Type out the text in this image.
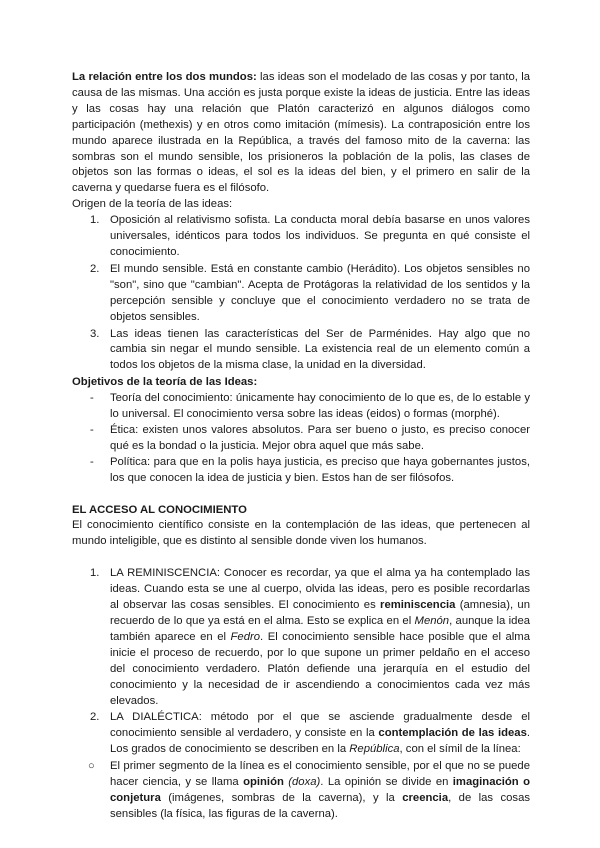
La relación entre los dos mundos: las ideas son el modelado de las cosas y por tanto, la causa de las mismas. Una acción es justa porque existe la ideas de justicia. Entre las ideas y las cosas hay una relación que Platón caracterizó en algunos diálogos como participación (methexis) y en otros como imitación (mímesis). La contraposición entre los mundo aparece ilustrada en la República, a través del famoso mito de la caverna: las sombras son el mundo sensible, los prisioneros la población de la polis, las clases de objetos son las formas o ideas, el sol es la ideas del bien, y el primero en salir de la caverna y quedarse fuera es el filósofo.

Origen de la teoría de las ideas:

1. Oposición al relativismo sofista. La conducta moral debía basarse en unos valores universales, idénticos para todos los individuos. Se pregunta en qué consiste el conocimiento.
2. El mundo sensible. Está en constante cambio (Herádito). Los objetos sensibles no "son", sino que "cambian". Acepta de Protágoras la relatividad de los sentidos y la percepción sensible y concluye que el conocimiento verdadero no se trata de objetos sensibles.
3. Las ideas tienen las características del Ser de Parménides. Hay algo que no cambia sin negar el mundo sensible. La existencia real de un elemento común a todos los objetos de la misma clase, la unidad en la diversidad.

Objetivos de la teoría de las Ideas:

- Teoría del conocimiento: únicamente hay conocimiento de lo que es, de lo estable y lo universal. El conocimiento versa sobre las ideas (eidos) o formas (morphé).
- Ética: existen unos valores absolutos. Para ser bueno o justo, es preciso conocer qué es la bondad o la justicia. Mejor obra aquel que más sabe.
- Política: para que en la polis haya justicia, es preciso que haya gobernantes justos, los que conocen la idea de justicia y bien. Estos han de ser filósofos.

EL ACCESO AL CONOCIMIENTO

El conocimiento científico consiste en la contemplación de las ideas, que pertenecen al mundo inteligible, que es distinto al sensible donde viven los humanos.

1. LA REMINISCENCIA: Conocer es recordar, ya que el alma ya ha contemplado las ideas. Cuando esta se une al cuerpo, olvida las ideas, pero es posible recordarlas al observar las cosas sensibles. El conocimiento es reminiscencia (amnesia), un recuerdo de lo que ya está en el alma. Esto se explica en el Menón, aunque la idea también aparece en el Fedro. El conocimiento sensible hace posible que el alma inicie el proceso de recuerdo, por lo que supone un primer peldaño en el acceso del conocimiento verdadero. Platón defiende una jerarquía en el estudio del conocimiento y la necesidad de ir ascendiendo a conocimientos cada vez más elevados.
2. LA DIALÉCTICA: método por el que se asciende gradualmente desde el conocimiento sensible al verdadero, y consiste en la contemplación de las ideas. Los grados de conocimiento se describen en la República, con el símil de la línea:
○ El primer segmento de la línea es el conocimiento sensible, por el que no se puede hacer ciencia, y se llama opinión (doxa). La opinión se divide en imaginación o conjetura (imágenes, sombras de la caverna), y la creencia, de las cosas sensibles (la física, las figuras de la caverna).
